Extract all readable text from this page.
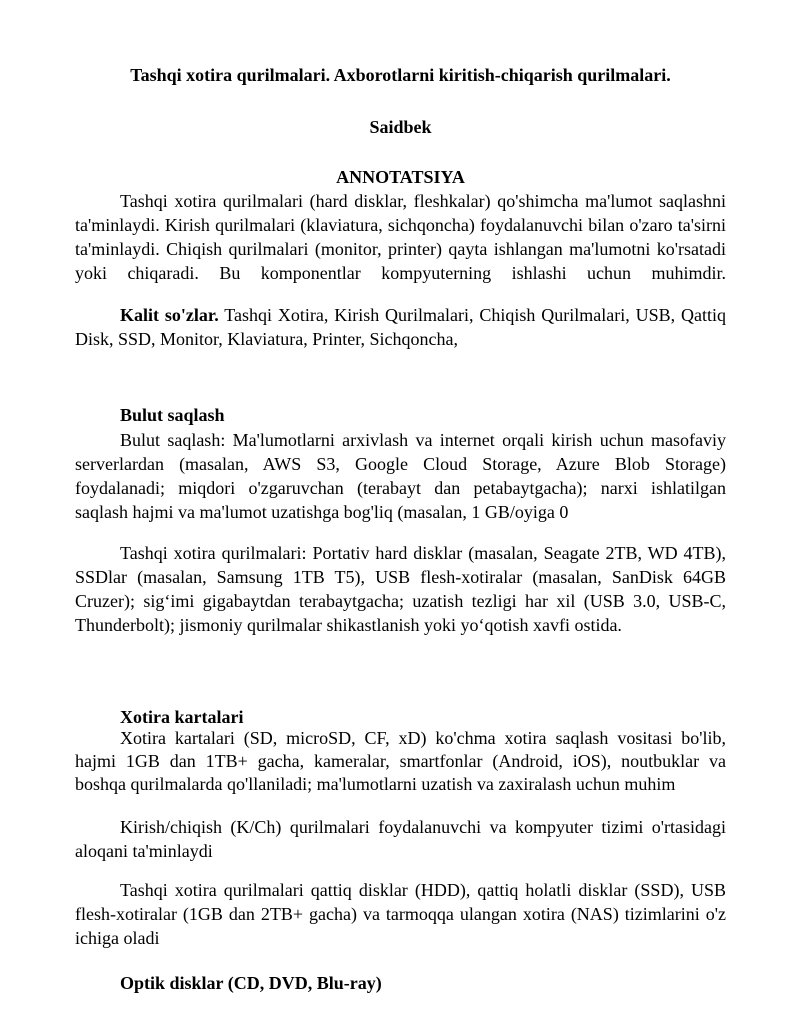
Tashqi xotira qurilmalari. Axborotlarni kiritish-chiqarish qurilmalari.
Saidbek
ANNOTATSIYA
Tashqi xotira qurilmalari (hard disklar, fleshkalar) qo'shimcha ma'lumot saqlashni
ta'minlaydi. Kirish qurilmalari (klaviatura, sichqoncha) foydalanuvchi bilan o'zaro ta'sirni
ta'minlaydi. Chiqish qurilmalari (monitor, printer) qayta ishlangan ma'lumotni ko'rsatadi
yoki chiqaradi. Bu komponentlar kompyuterning ishlashi uchun muhimdir.
Kalit so'zlar. Tashqi Xotira, Kirish Qurilmalari, Chiqish Qurilmalari, USB, Qattiq
Disk, SSD, Monitor, Klaviatura, Printer, Sichqoncha,
Bulut saqlash
Bulut saqlash: Ma'lumotlarni arxivlash va internet orqali kirish uchun masofaviy
serverlardan (masalan, AWS S3, Google Cloud Storage, Azure Blob Storage)
foydalanadi; miqdori o'zgaruvchan (terabayt dan petabaytgacha); narxi ishlatilgan
saqlash hajmi va ma'lumot uzatishga bog'liq (masalan, 1 GB/oyiga 0
Tashqi xotira qurilmalari: Portativ hard disklar (masalan, Seagate 2TB, WD 4TB),
SSDlar (masalan, Samsung 1TB T5), USB flesh-xotiralar (masalan, SanDisk 64GB
Cruzer); sig‘imi gigabaytdan terabaytgacha; uzatish tezligi har xil (USB 3.0, USB-C,
Thunderbolt); jismoniy qurilmalar shikastlanish yoki yo‘qotish xavfi ostida.
Xotira kartalari
Xotira kartalari (SD, microSD, CF, xD) ko'chma xotira saqlash vositasi bo'lib,
hajmi 1GB dan 1TB+ gacha, kameralar, smartfonlar (Android, iOS), noutbuklar va
boshqa qurilmalarda qo'llaniladi; ma'lumotlarni uzatish va zaxiralash uchun muhim
Kirish/chiqish (K/Ch) qurilmalari foydalanuvchi va kompyuter tizimi o'rtasidagi
aloqani ta'minlaydi
Tashqi xotira qurilmalari qattiq disklar (HDD), qattiq holatli disklar (SSD), USB
flesh-xotiralar (1GB dan 2TB+ gacha) va tarmoqqa ulangan xotira (NAS) tizimlarini o'z
ichiga oladi
Optik disklar (CD, DVD, Blu-ray)
